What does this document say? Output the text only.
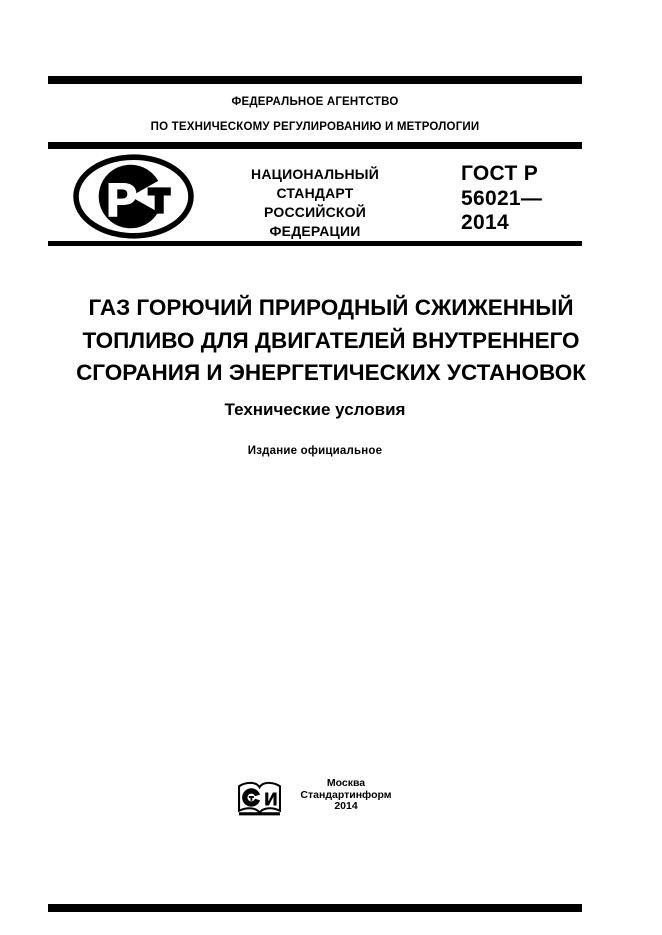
ФЕДЕРАЛЬНОЕ АГЕНТСТВО
ПО ТЕХНИЧЕСКОМУ РЕГУЛИРОВАНИЮ И МЕТРОЛОГИИ
Р	НАЦИОНАЛЬНЫЙ
СТАНДАРТ
РОССИЙСКОЙ
ФЕДЕРАЦИИ
ГОСТ Р
56021—
2014
ГАЗ ГОРЮЧИЙ ПРИРОДНЫЙ СЖИЖЕННЫЙ
ТОПЛИВО ДЛЯ ДВИГАТЕЛЕЙ ВНУТРЕННЕГО
СГОРАНИЯ И ЭНЕРГЕТИЧЕСКИХ УСТАНОВОК
Технические условия
Издание официальное
И
Москва
Стандартинформ
2014
